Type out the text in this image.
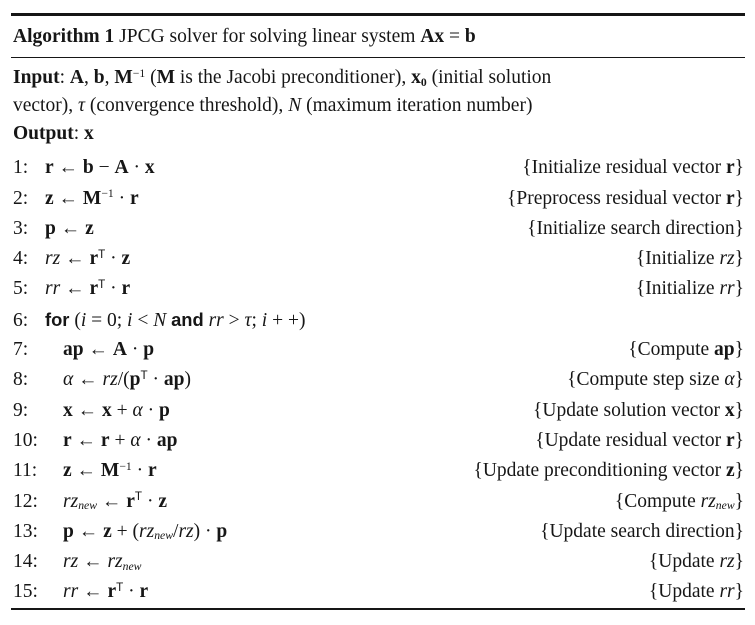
Algorithm 1 JPCG solver for solving linear system Ax = b
Input: A, b, $M^{-1}$ (M is the Jacobi preconditioner), x0 (initial solution
vector), τ (convergence threshold), N (maximum iteration number)
Output: x
1: r ← b − A · x	{Initialize residual vector r}
2: z ← $M^{-1} \cdot r$	{Preprocess residual vector r}
3: p ← z	{Initialize search direction}
4: rz ← $r^T \cdot z$	{Initialize rz}
5: rr ← $r^T \cdot r$	{Initialize rr}
6: for (i = 0; i < N and rr > τ; i + +)
7:	ap ← A · p	{Compute ap}
8:	α ← $rz/(p^T \cdot ap)$	{Compute step size α}
9:	x ← x + α · p	{Update solution vector x}
10:	r ← r + α · ap	{Update residual vector r}
11:	z ← $M^{-1} \cdot r$	{Update preconditioning vector z}
12:	rznew ← $r^T \cdot z$	{Compute rznew}
13:	p ← z + (rznew/rz) · p	{Update search direction}
14:	rz ← rznew	{Update rz}
15:	rr ← $r^T \cdot r$	{Update rr}
